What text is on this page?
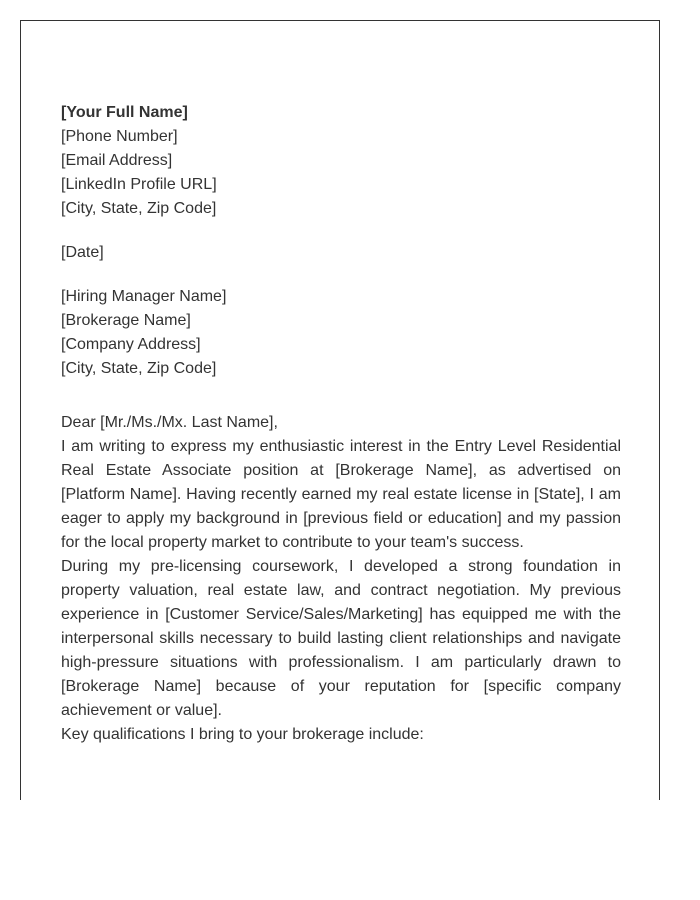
[Your Full Name]
[Phone Number]
[Email Address]
[LinkedIn Profile URL]
[City, State, Zip Code]
[Date]
[Hiring Manager Name]
[Brokerage Name]
[Company Address]
[City, State, Zip Code]
Dear [Mr./Ms./Mx. Last Name],

I am writing to express my enthusiastic interest in the Entry Level Residential Real Estate Associate position at [Brokerage Name], as advertised on [Platform Name]. Having recently earned my real estate license in [State], I am eager to apply my background in [previous field or education] and my passion for the local property market to contribute to your team's success.

During my pre-licensing coursework, I developed a strong foundation in property valuation, real estate law, and contract negotiation. My previous experience in [Customer Service/Sales/Marketing] has equipped me with the interpersonal skills necessary to build lasting client relationships and navigate high-pressure situations with professionalism. I am particularly drawn to [Brokerage Name] because of your reputation for [specific company achievement or value].

Key qualifications I bring to your brokerage include:
